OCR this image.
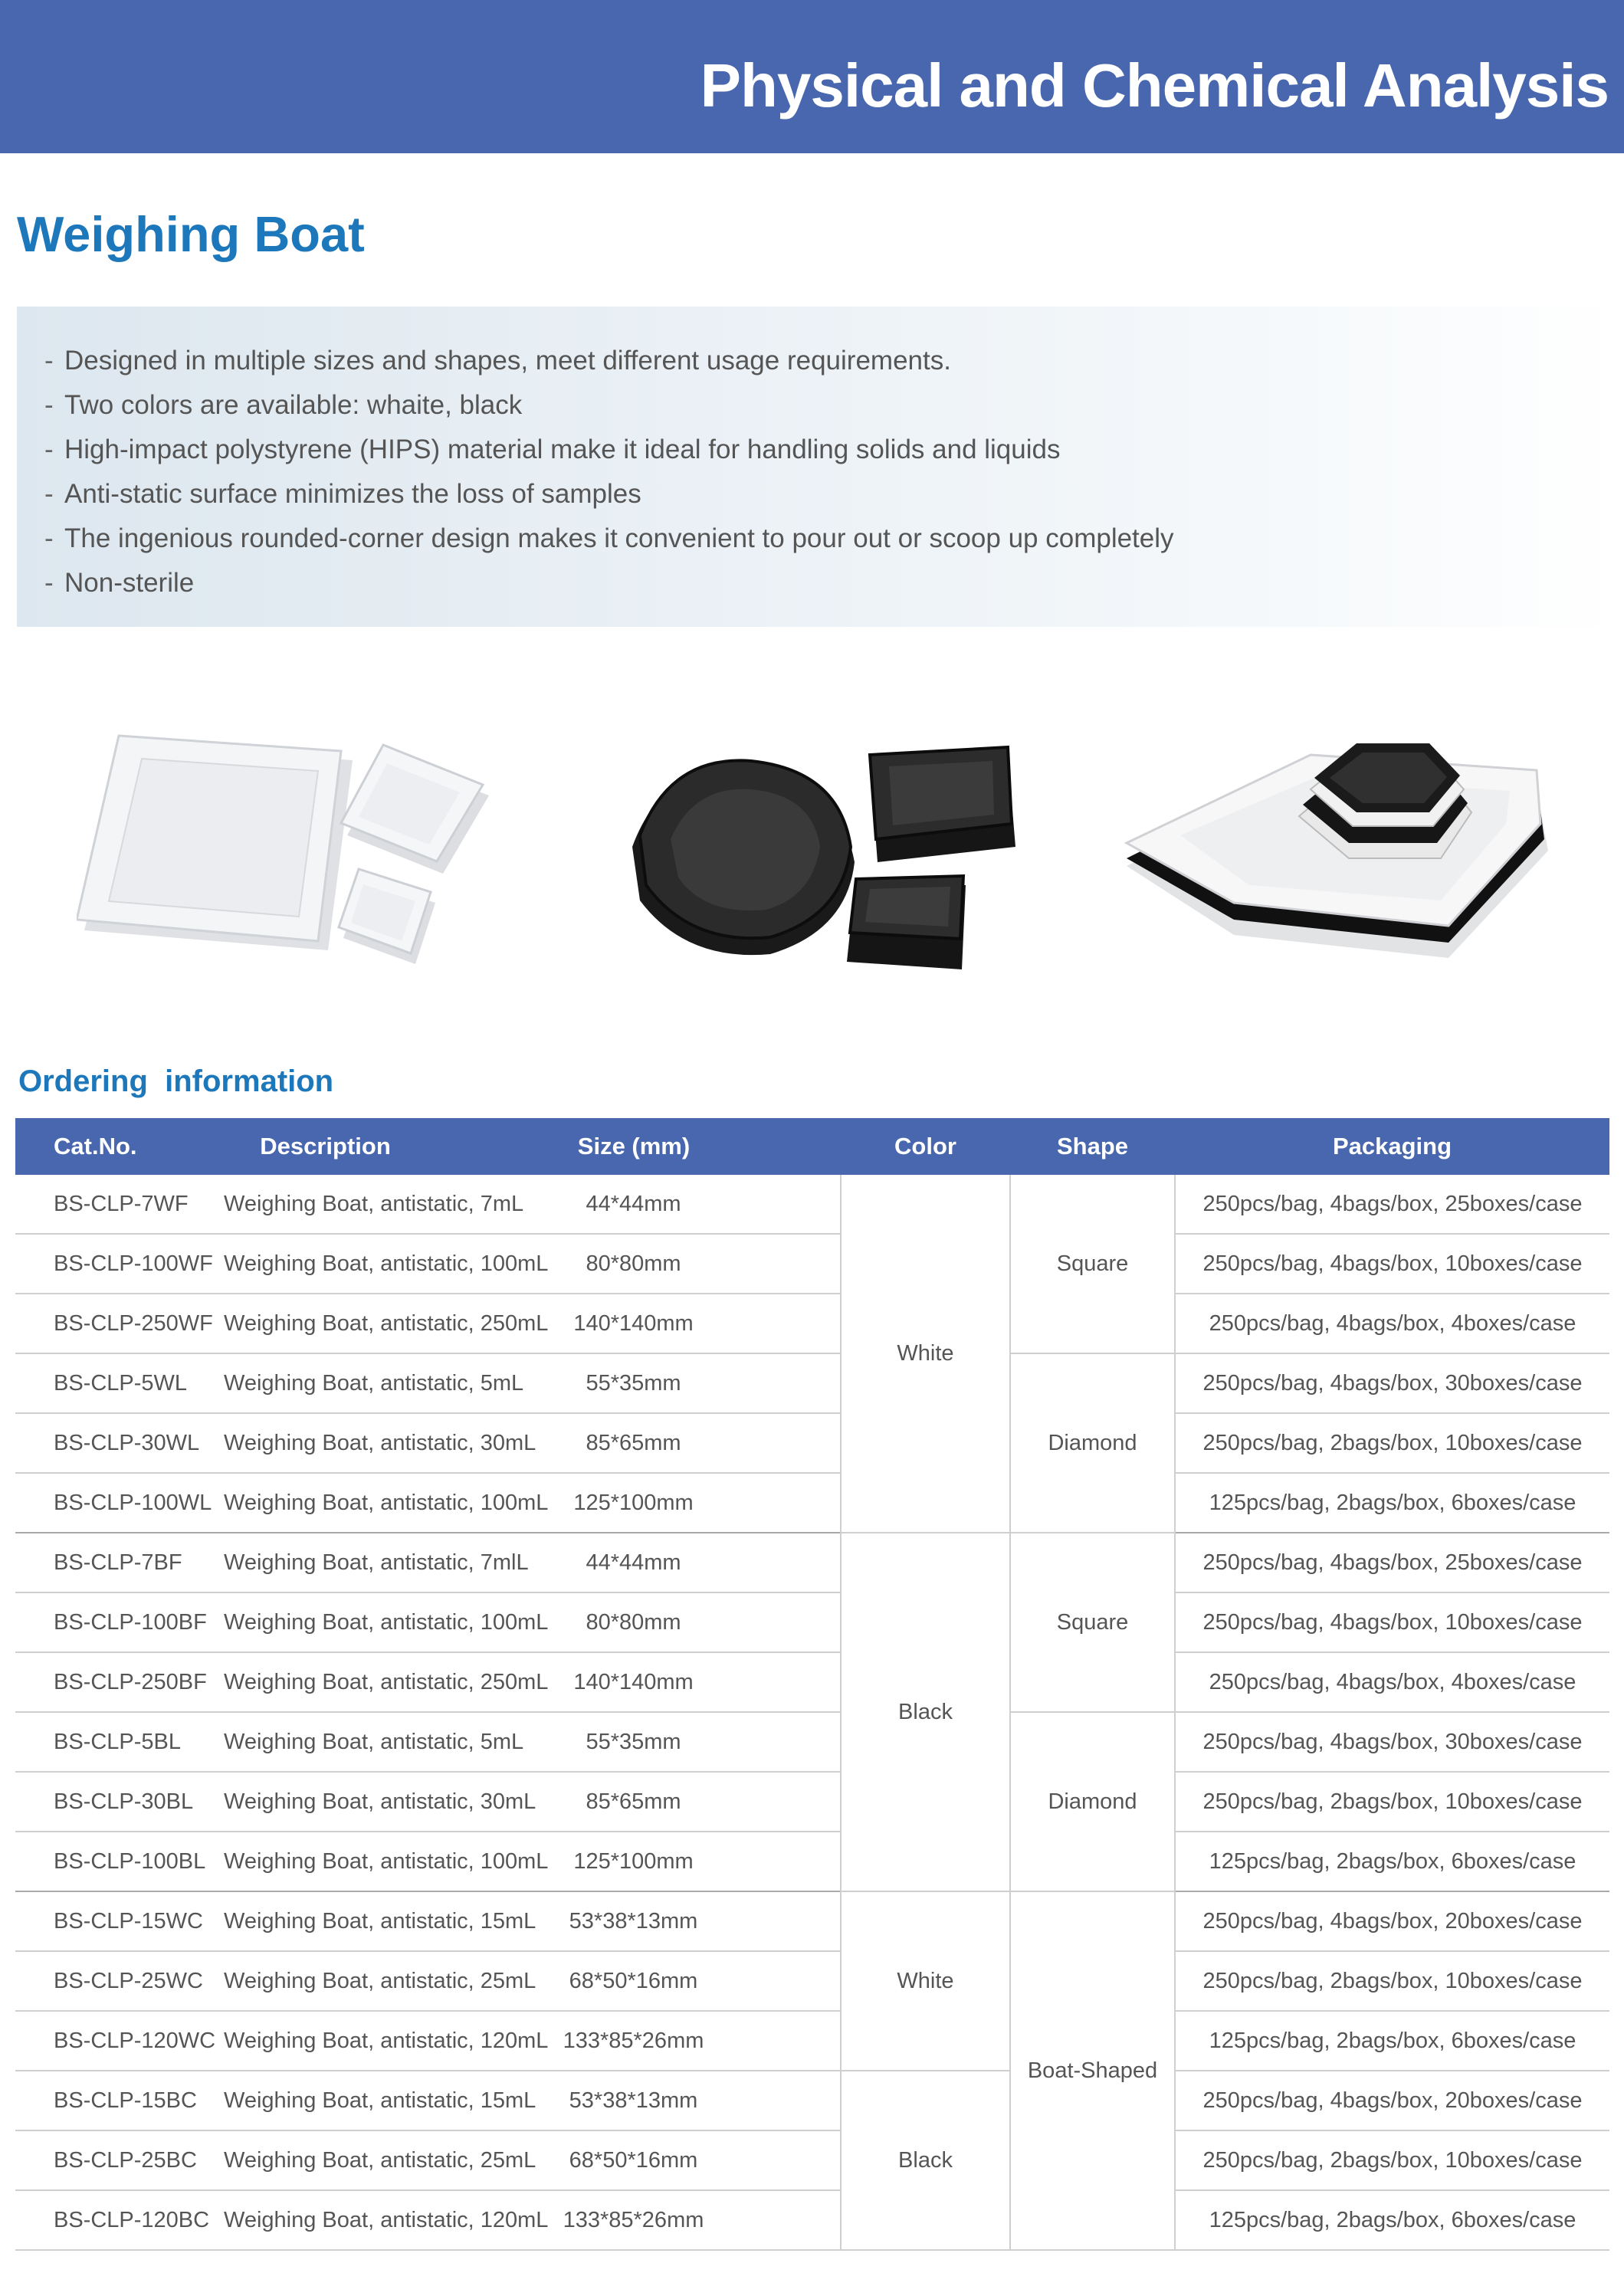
Physical and Chemical Analysis
Weighing Boat
- Designed in multiple sizes and shapes, meet different usage requirements.
- Two colors are available: whaite, black
- High-impact polystyrene (HIPS) material make it ideal for handling solids and liquids
- Anti-static surface minimizes the loss of samples
- The ingenious rounded-corner design makes it convenient to pour out or scoop up completely
- Non-sterile
Ordering  information
Cat.No.	Description	Size (mm)	Color	Shape	Packaging
BS-CLP-7WF	Weighing Boat, antistatic, 7mL	44*44mm	White	Square	250pcs/bag, 4bags/box, 25boxes/case
BS-CLP-100WF	Weighing Boat, antistatic, 100mL	80*80mm			250pcs/bag, 4bags/box, 10boxes/case
BS-CLP-250WF	Weighing Boat, antistatic, 250mL	140*140mm			250pcs/bag, 4bags/box, 4boxes/case
BS-CLP-5WL	Weighing Boat, antistatic, 5mL	55*35mm		Diamond	250pcs/bag, 4bags/box, 30boxes/case
BS-CLP-30WL	Weighing Boat, antistatic, 30mL	85*65mm			250pcs/bag, 2bags/box, 10boxes/case
BS-CLP-100WL	Weighing Boat, antistatic, 100mL	125*100mm			125pcs/bag, 2bags/box, 6boxes/case
BS-CLP-7BF	Weighing Boat, antistatic, 7mlL	44*44mm	Black	Square	250pcs/bag, 4bags/box, 25boxes/case
BS-CLP-100BF	Weighing Boat, antistatic, 100mL	80*80mm			250pcs/bag, 4bags/box, 10boxes/case
BS-CLP-250BF	Weighing Boat, antistatic, 250mL	140*140mm			250pcs/bag, 4bags/box, 4boxes/case
BS-CLP-5BL	Weighing Boat, antistatic, 5mL	55*35mm		Diamond	250pcs/bag, 4bags/box, 30boxes/case
BS-CLP-30BL	Weighing Boat, antistatic, 30mL	85*65mm			250pcs/bag, 2bags/box, 10boxes/case
BS-CLP-100BL	Weighing Boat, antistatic, 100mL	125*100mm			125pcs/bag, 2bags/box, 6boxes/case
BS-CLP-15WC	Weighing Boat, antistatic, 15mL	53*38*13mm	White	Boat-Shaped	250pcs/bag, 4bags/box, 20boxes/case
BS-CLP-25WC	Weighing Boat, antistatic, 25mL	68*50*16mm			250pcs/bag, 2bags/box, 10boxes/case
BS-CLP-120WC	Weighing Boat, antistatic, 120mL	133*85*26mm			125pcs/bag, 2bags/box, 6boxes/case
BS-CLP-15BC	Weighing Boat, antistatic, 15mL	53*38*13mm	Black		250pcs/bag, 4bags/box, 20boxes/case
BS-CLP-25BC	Weighing Boat, antistatic, 25mL	68*50*16mm			250pcs/bag, 2bags/box, 10boxes/case
BS-CLP-120BC	Weighing Boat, antistatic, 120mL	133*85*26mm			125pcs/bag, 2bags/box, 6boxes/case
